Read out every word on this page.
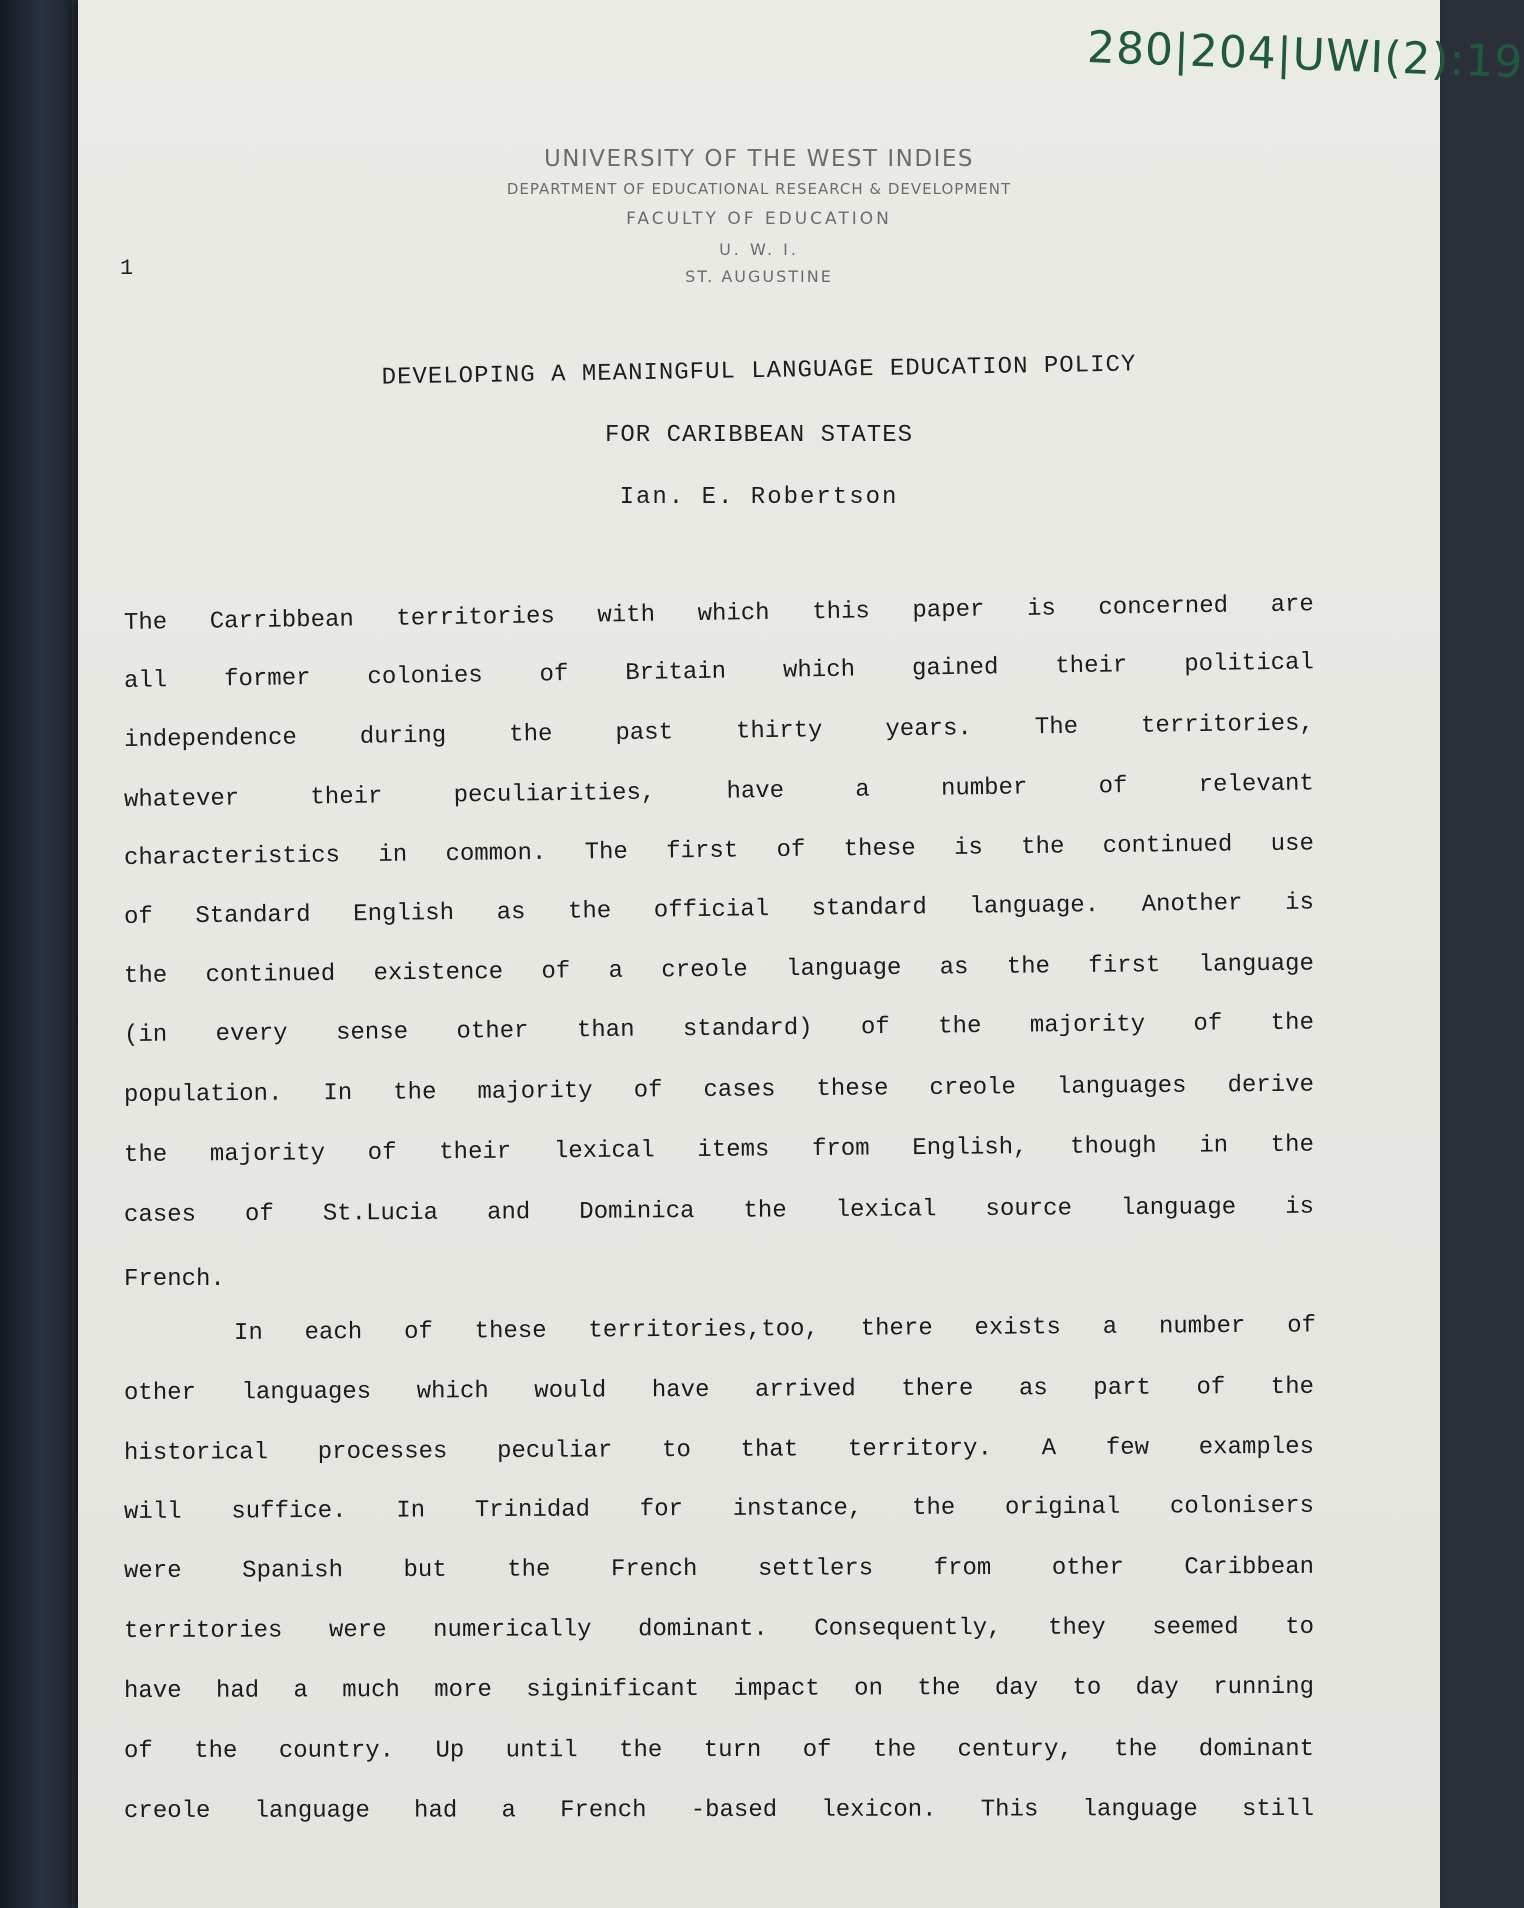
280|204|UWI(2):19
UNIVERSITY OF THE WEST INDIES
DEPARTMENT OF EDUCATIONAL RESEARCH & DEVELOPMENT
FACULTY OF EDUCATION
U. W. I.
ST. AUGUSTINE
1
DEVELOPING A MEANINGFUL LANGUAGE EDUCATION POLICY
FOR CARIBBEAN STATES
Ian. E. Robertson
The Carribbean territories with which this paper is concerned are
all former colonies of Britain which gained their political
independence during the past thirty years. The territories,
whatever their peculiarities, have a number of relevant
characteristics in common. The first of these is the continued use
of Standard English as the official standard language. Another is
the continued existence of a creole language as the first language
(in every sense other than standard) of the majority of the
population. In the majority of cases these creole languages derive
the majority of their lexical items from English, though in the
cases of St.Lucia and Dominica the lexical source language is
French.
In each of these territories,too, there exists a number of
other languages which would have arrived there as part of the
historical processes peculiar to that territory. A few examples
will suffice. In Trinidad for instance, the original colonisers
were Spanish but the French settlers from other Caribbean
territories were numerically dominant. Consequently, they seemed to
have had a much more siginificant impact on the day to day running
of the country. Up until the turn of the century, the dominant
creole language had a French -based lexicon. This language still
